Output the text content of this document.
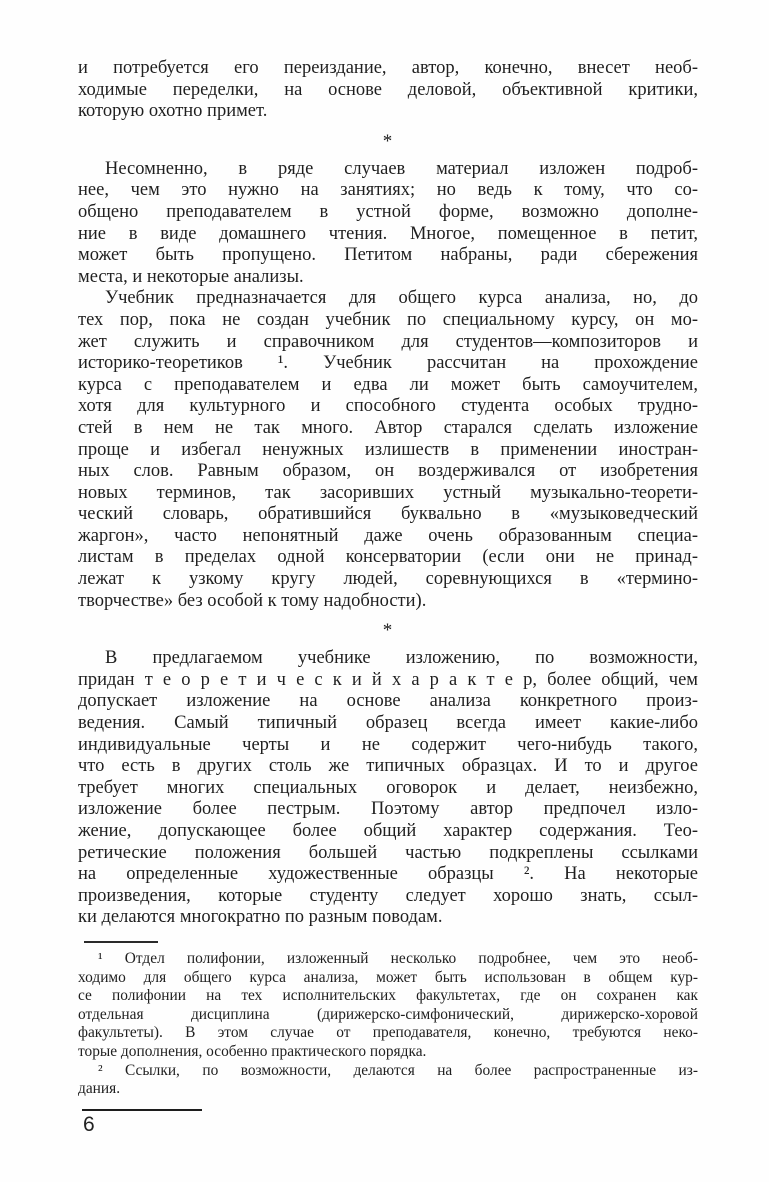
и потребуется его переиздание, автор, конечно, внесет необ-
ходимые переделки, на основе деловой, объективной критики,
которую охотно примет.
*
Несомненно, в ряде случаев материал изложен подроб-
нее, чем это нужно на занятиях; но ведь к тому, что со-
общено преподавателем в устной форме, возможно дополне-
ние в виде домашнего чтения. Многое, помещенное в петит,
может быть пропущено. Петитом набраны, ради сбережения
места, и некоторые анализы.
Учебник предназначается для общего курса анализа, но, до
тех пор, пока не создан учебник по специальному курсу, он мо-
жет служить и справочником для студентов—композиторов и
историко-теоретиков ¹. Учебник рассчитан на прохождение
курса с преподавателем и едва ли может быть самоучителем,
хотя для культурного и способного студента особых трудно-
стей в нем не так много. Автор старался сделать изложение
проще и избегал ненужных излишеств в применении иностран-
ных слов. Равным образом, он воздерживался от изобретения
новых терминов, так засоривших устный музыкально-теорети-
ческий словарь, обратившийся буквально в «музыковедческий
жаргон», часто непонятный даже очень образованным специа-
листам в пределах одной консерватории (если они не принад-
лежат к узкому кругу людей, соревнующихся в «термино-
творчестве» без особой к тому надобности).
*
В предлагаемом учебнике изложению, по возможности,
придан т е о р е т и ч е с к и й х а р а к т е р, более общий, чем
допускает изложение на основе анализа конкретного произ-
ведения. Самый типичный образец всегда имеет какие-либо
индивидуальные черты и не содержит чего-нибудь такого,
что есть в других столь же типичных образцах. И то и другое
требует многих специальных оговорок и делает, неизбежно,
изложение более пестрым. Поэтому автор предпочел изло-
жение, допускающее более общий характер содержания. Тео-
ретические положения большей частью подкреплены ссылками
на определенные художественные образцы ². На некоторые
произведения, которые студенту следует хорошо знать, ссыл-
ки делаются многократно по разным поводам.
¹ Отдел полифонии, изложенный несколько подробнее, чем это необ-
ходимо для общего курса анализа, может быть использован в общем кур-
се полифонии на тех исполнительских факультетах, где он сохранен как
отдельная дисциплина (дирижерско-симфонический, дирижерско-хоровой
факультеты). В этом случае от преподавателя, конечно, требуются неко-
торые дополнения, особенно практического порядка.
² Ссылки, по возможности, делаются на более распространенные из-
дания.
6
